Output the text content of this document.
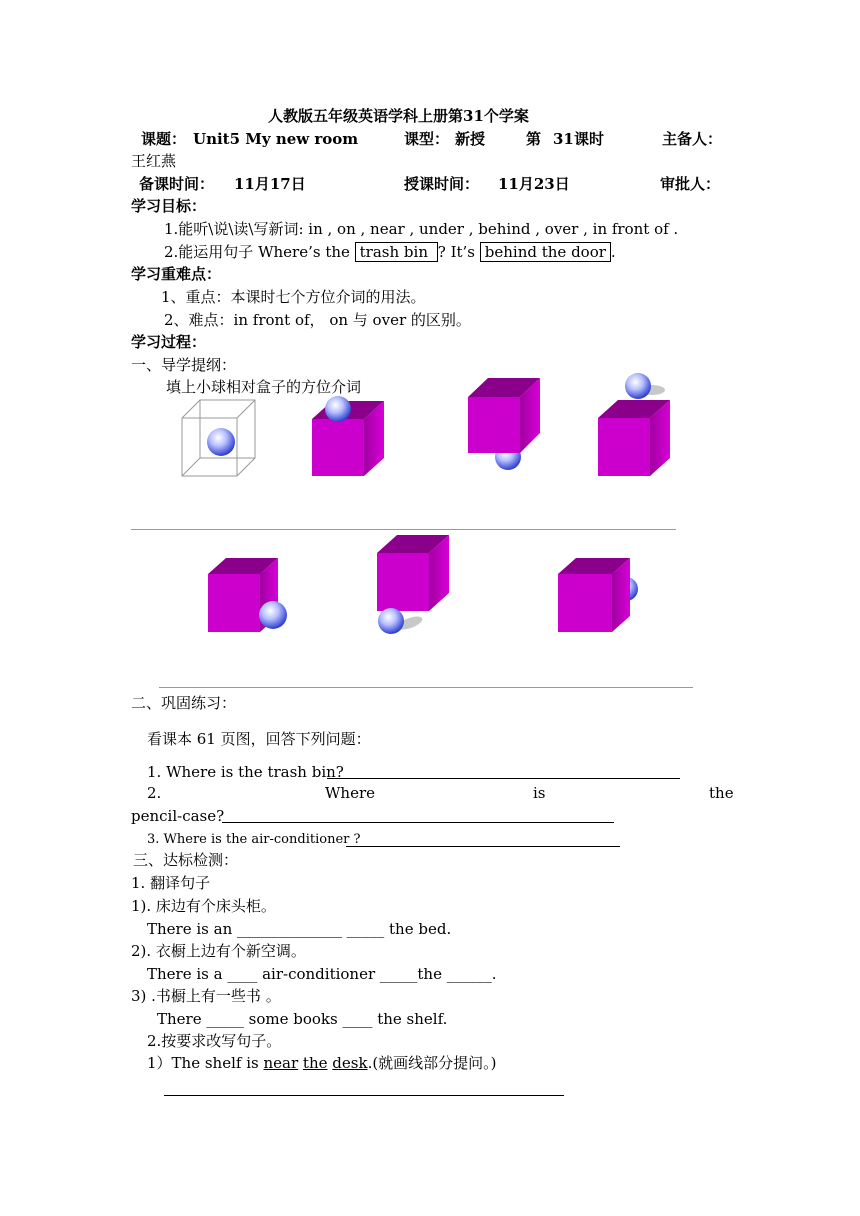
人教版五年级英语学科上册第31个学案
课题： Unit5 My new room	课型： 新授	第 31 课时	主备人：
王红燕
备课时间： 11月17日	授课时间： 11月23日	审批人：
学习目标：
1.能听\说\读\写新词: in , on , near , under , behind , over , in front of .
2.能运用句子 Where’s the trash bin ? It’s behind the door .
学习重难点：
1、重点：本课时七个方位介词的用法。
2、难点：in front of， on 与 over 的区别。
学习过程：
一、导学提纲：
填上小球相对盒子的方位介词
二、巩固练习：
看课本 61 页图，回答下列问题：
1. Where is the trash bin?
2.	Where	is	the
pencil-case?
3. Where is the air-conditioner ?
三、达标检测：
1. 翻译句子
1). 床边有个床头柜。
There is an ______________ _____ the bed.
2). 衣橱上边有个新空调。
There is a ____ air-conditioner _____the ______.
3) .书橱上有一些书 。
There _____ some books ____ the shelf.
2.按要求改写句子。
1）The shelf is near the desk.(就画线部分提问。)
